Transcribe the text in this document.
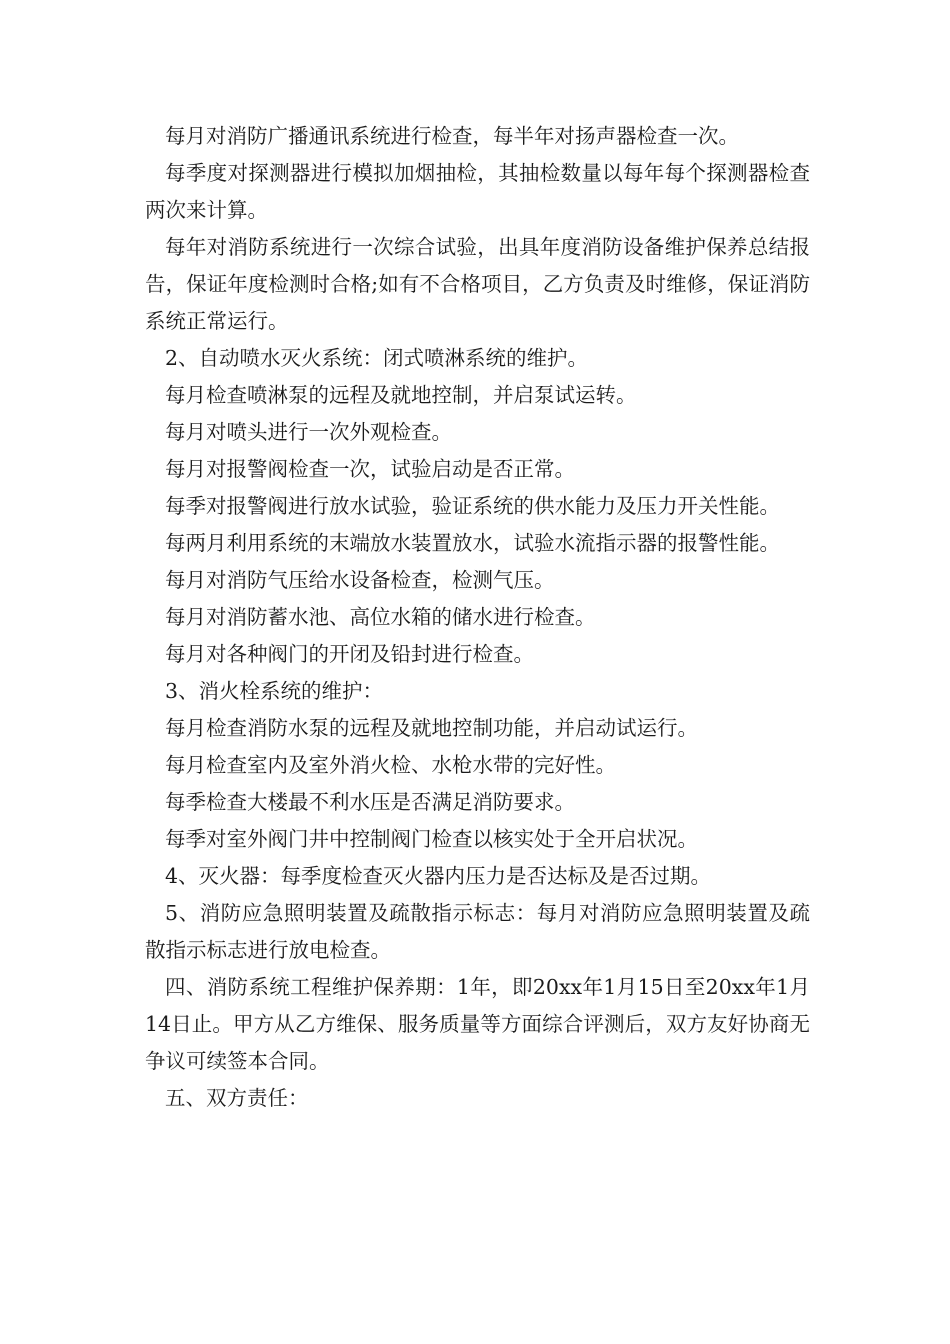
每月对消防广播通讯系统进行检查，每半年对扬声器检查一次。

每季度对探测器进行模拟加烟抽检，其抽检数量以每年每个探测器检查两次来计算。

每年对消防系统进行一次综合试验，出具年度消防设备维护保养总结报告，保证年度检测时合格;如有不合格项目，乙方负责及时维修，保证消防系统正常运行。

2、自动喷水灭火系统：闭式喷淋系统的维护。

每月检查喷淋泵的远程及就地控制，并启泵试运转。

每月对喷头进行一次外观检查。

每月对报警阀检查一次，试验启动是否正常。

每季对报警阀进行放水试验，验证系统的供水能力及压力开关性能。

每两月利用系统的末端放水装置放水，试验水流指示器的报警性能。

每月对消防气压给水设备检查，检测气压。

每月对消防蓄水池、高位水箱的储水进行检查。

每月对各种阀门的开闭及铅封进行检查。

3、消火栓系统的维护：

每月检查消防水泵的远程及就地控制功能，并启动试运行。

每月检查室内及室外消火检、水枪水带的完好性。

每季检查大楼最不利水压是否满足消防要求。

每季对室外阀门井中控制阀门检查以核实处于全开启状况。

4、灭火器：每季度检查灭火器内压力是否达标及是否过期。

5、消防应急照明装置及疏散指示标志：每月对消防应急照明装置及疏散指示标志进行放电检查。

四、消防系统工程维护保养期：1年，即20xx年1月15日至20xx年1月14日止。甲方从乙方维保、服务质量等方面综合评测后，双方友好协商无争议可续签本合同。

五、双方责任：
